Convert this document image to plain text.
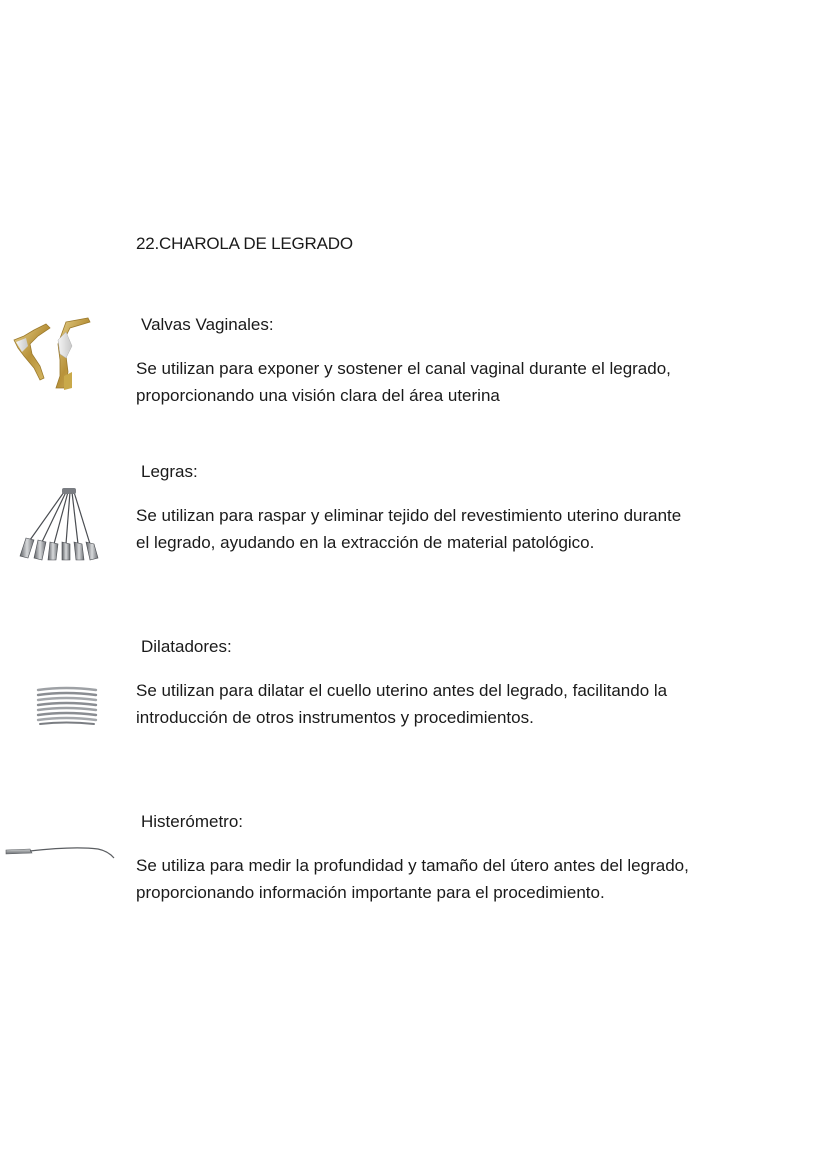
22.CHAROLA DE LEGRADO
Valvas Vaginales:

Se utilizan para exponer y sostener el canal vaginal durante el legrado, proporcionando una visión clara del área uterina

Legras:

Se utilizan para raspar y eliminar tejido del revestimiento uterino durante el legrado, ayudando en la extracción de material patológico.

Dilatadores:

Se utilizan para dilatar el cuello uterino antes del legrado, facilitando la introducción de otros instrumentos y procedimientos.

Histerómetro:

Se utiliza para medir la profundidad y tamaño del útero antes del legrado, proporcionando información importante para el procedimiento.
